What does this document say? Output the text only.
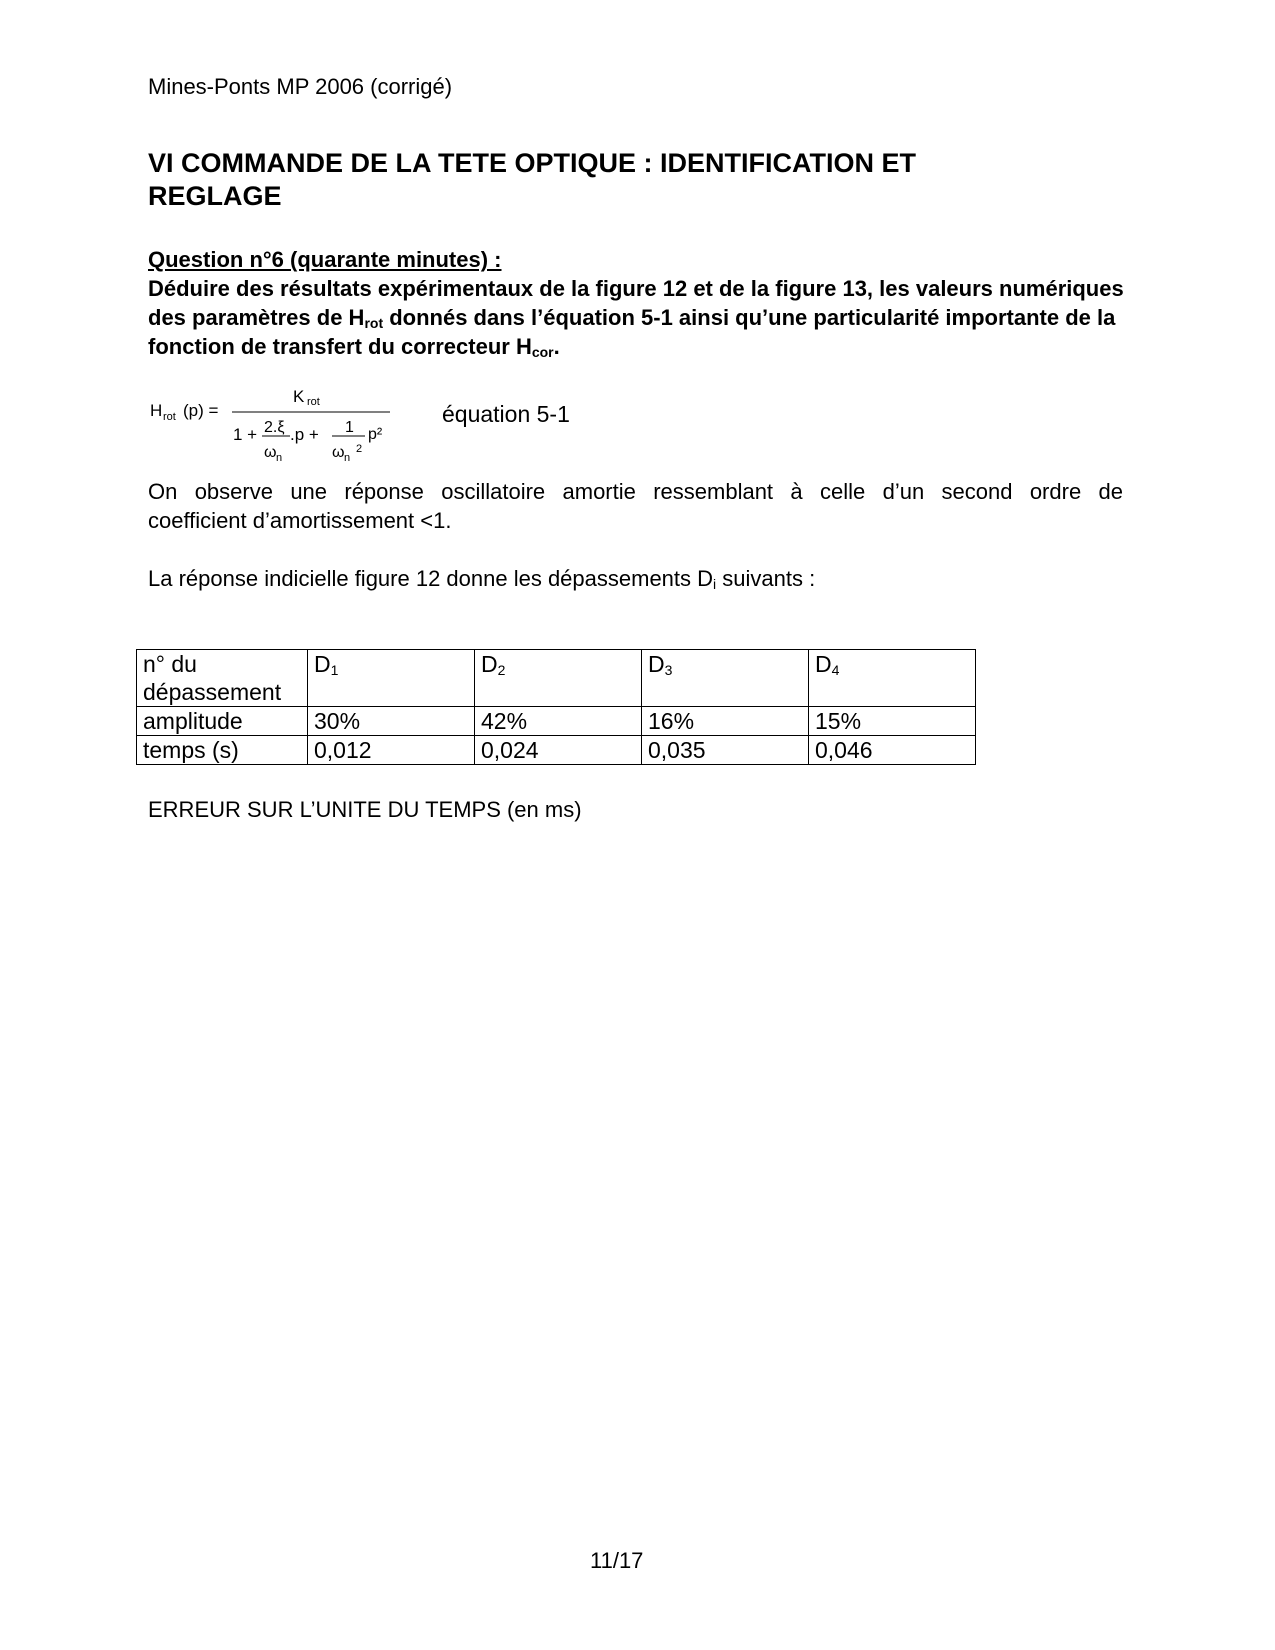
Mines-Ponts MP 2006 (corrigé)
VI COMMANDE DE LA TETE OPTIQUE : IDENTIFICATION ET REGLAGE
Question n°6 (quarante minutes) :
Déduire des résultats expérimentaux de la figure 12 et de la figure 13, les valeurs numériques des paramètres de $H_{rot}$ donnés dans l’équation 5-1 ainsi qu’une particularité importante de la fonction de transfert du correcteur $H_{cor}$.
H rot (p) =
K rot
1 + 2.ξ
ω n
.p + 1
ω n
2
p²
équation 5-1
On observe une réponse oscillatoire amortie ressemblant à celle d’un second ordre de
coefficient d’amortissement <1.
La réponse indicielle figure 12 donne les dépassements $D_i$ suivants :
n° du
dépassement	$D_1$	$D_2$	$D_3$	$D_4$
amplitude	30%	42%	16%	15%
temps (s)	0,012	0,024	0,035	0,046
ERREUR SUR L’UNITE DU TEMPS (en ms)
11/17
